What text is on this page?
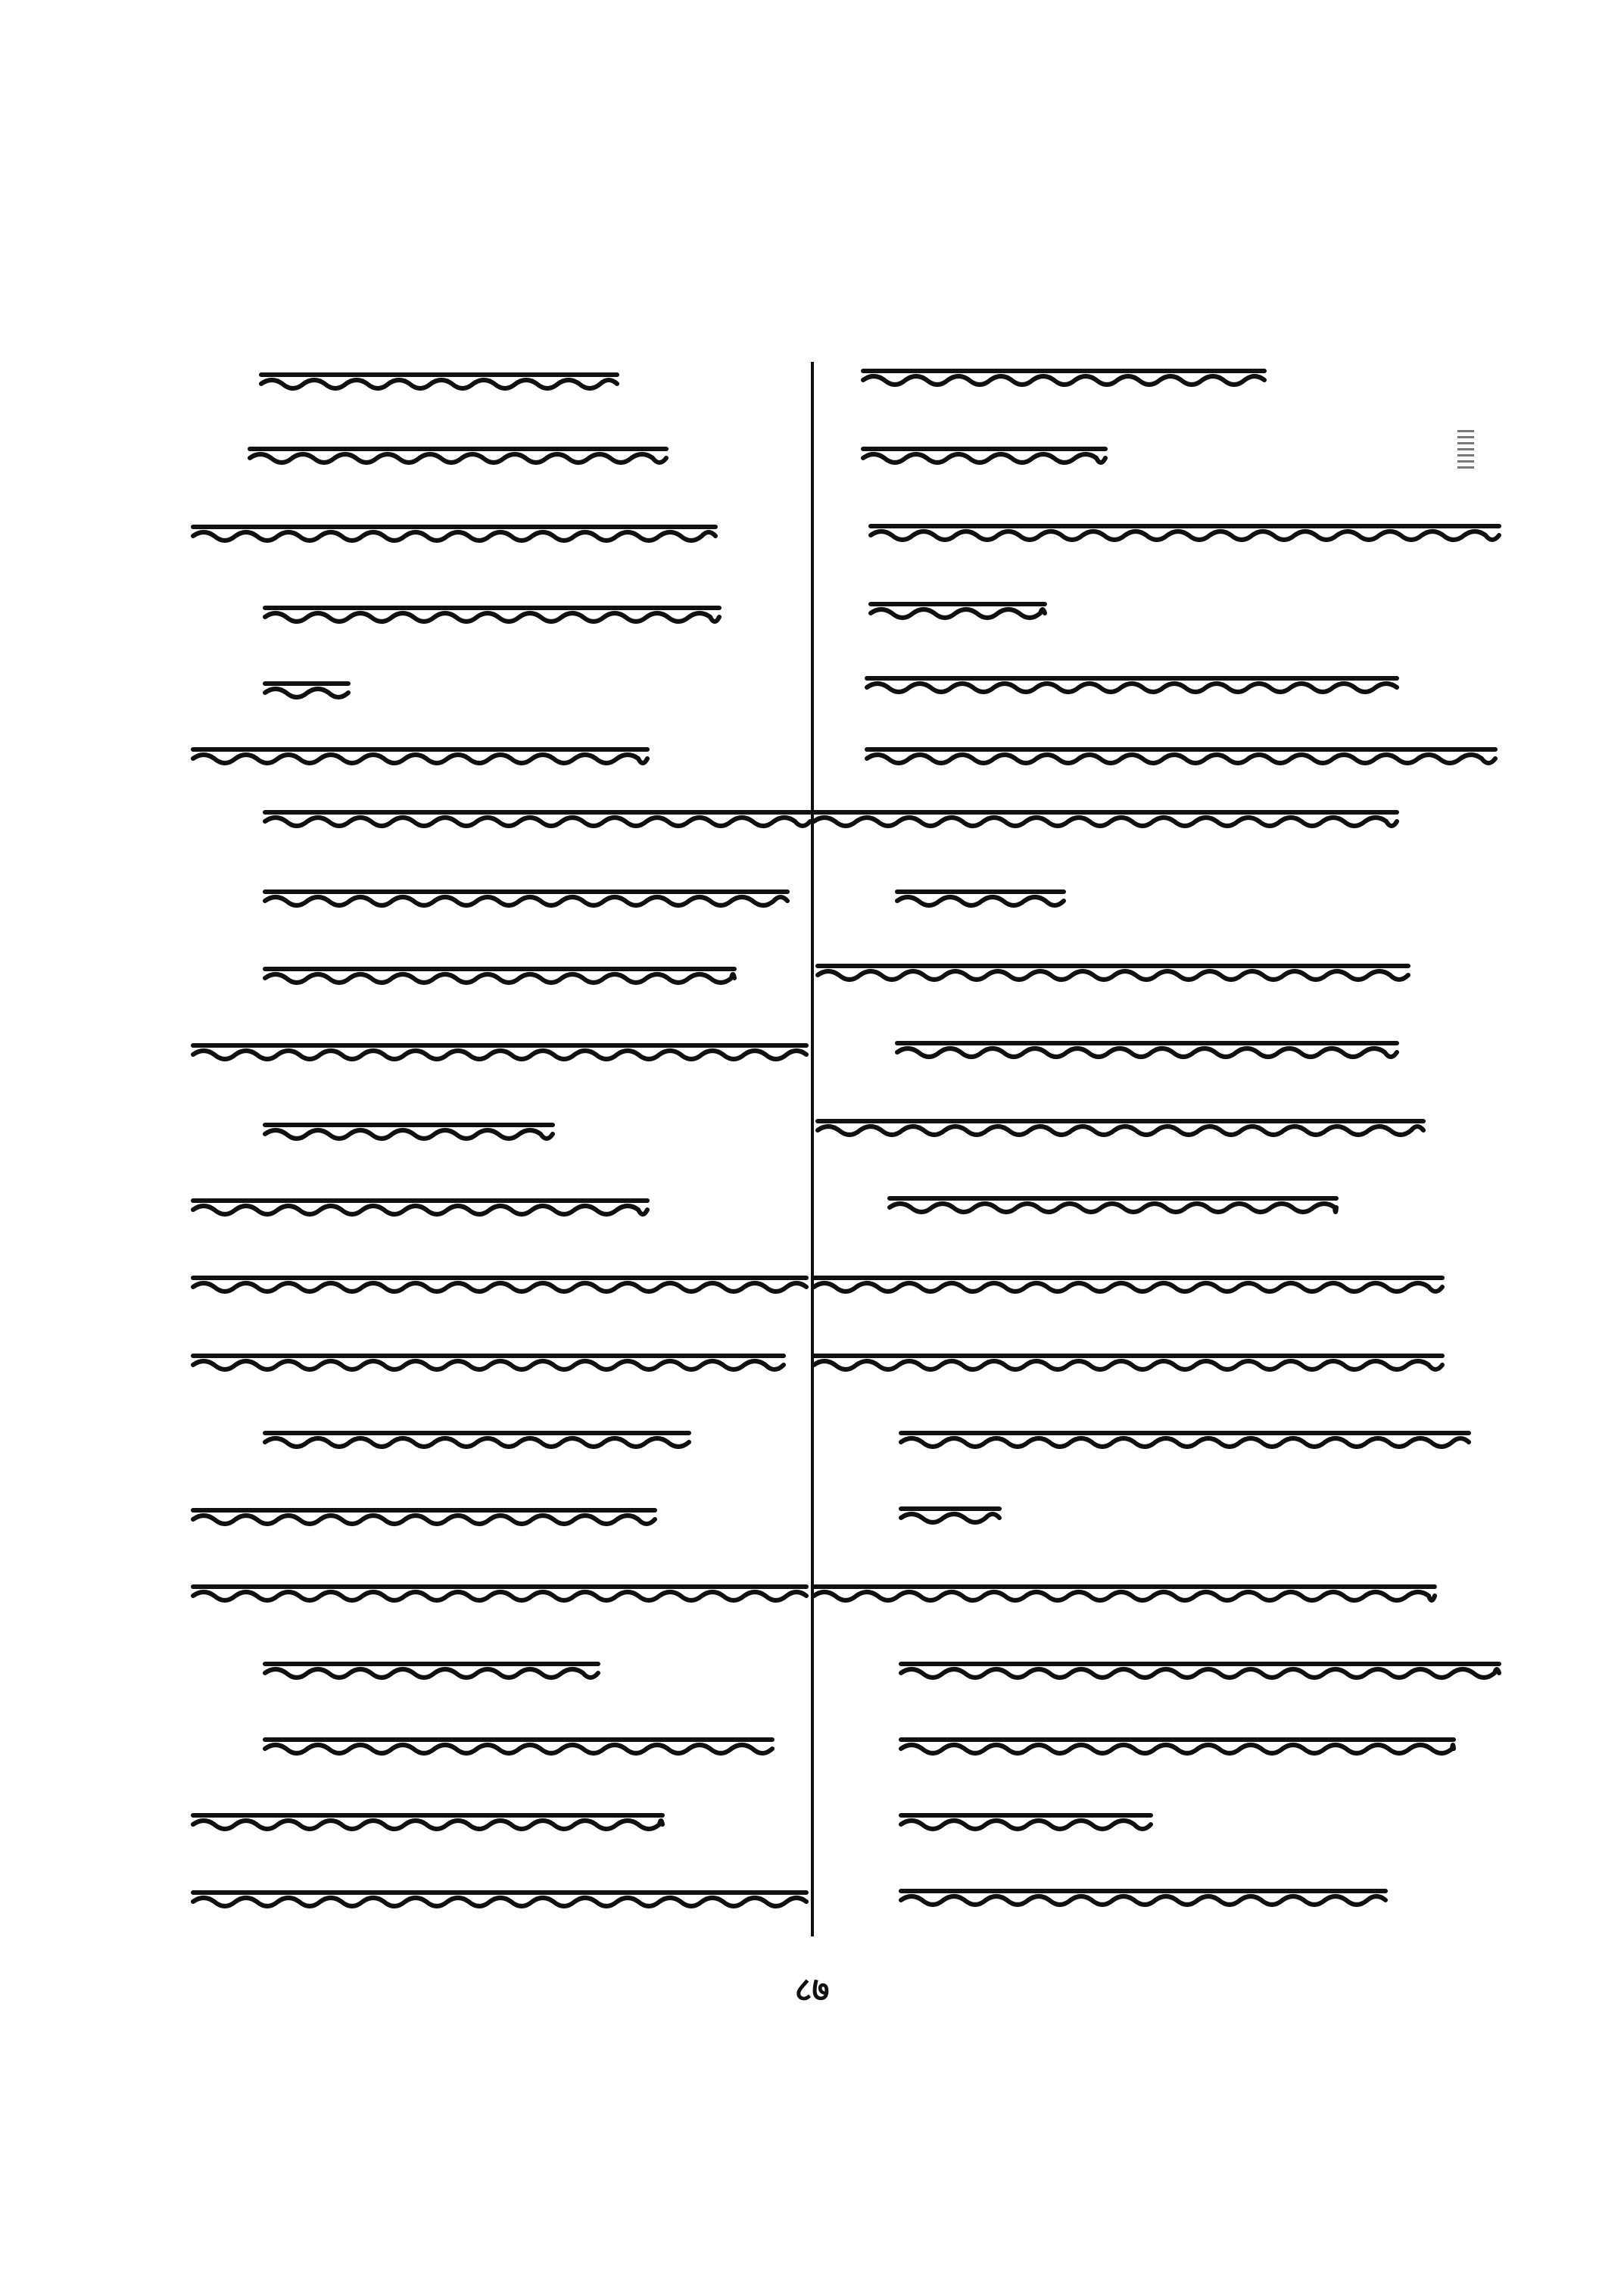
८७
